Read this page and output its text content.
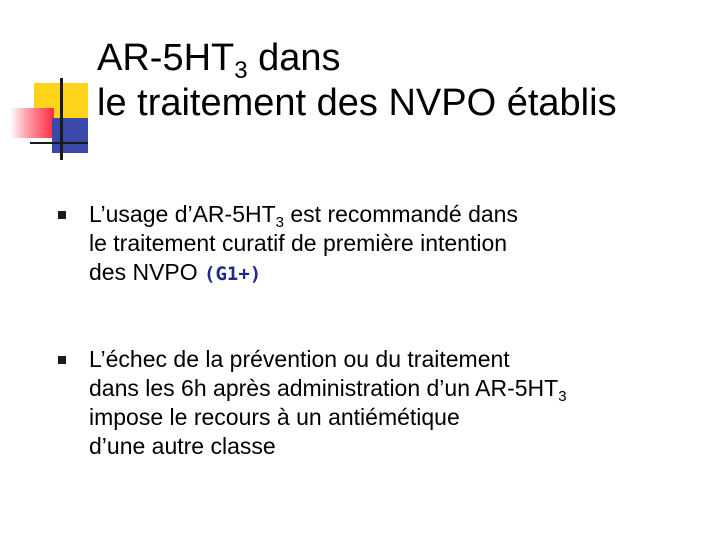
$AR-5HT_3$ dans
le traitement des NVPO établis
L’usage $d’AR-5HT_3$ est recommandé dans
le traitement curatif de première intention
des NVPO (G1+)
L’échec de la prévention ou du traitement
dans les 6h après administration d’un $AR-5HT_3$
impose le recours à un antiémétique
d’une autre classe
